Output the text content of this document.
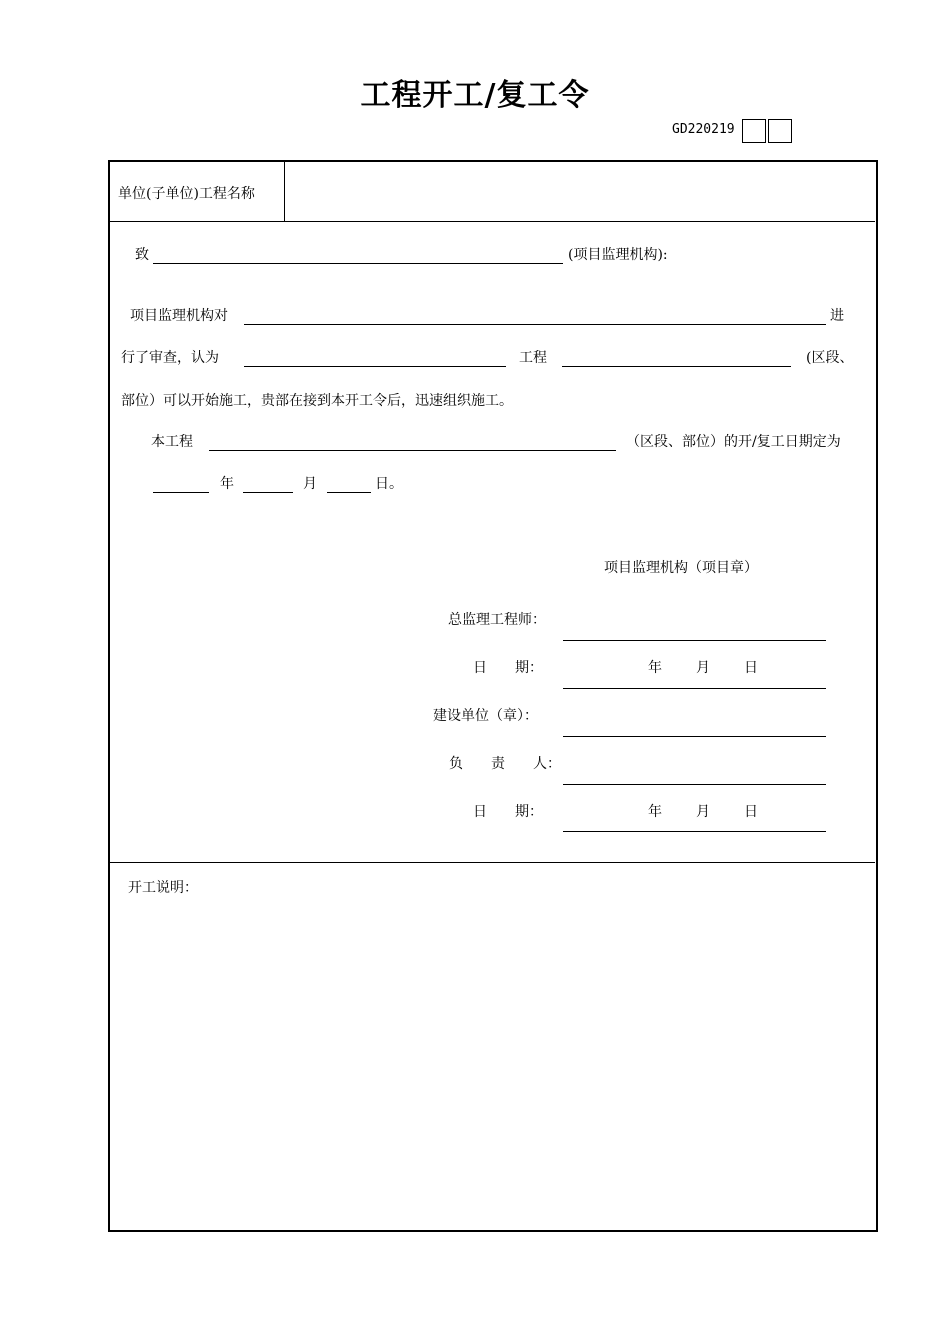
工程开工/复工令
GD220219
单位(子单位)工程名称
致	(项目监理机构):
项目监理机构对	进
行了审查，认为	工程	(区段、
部位）可以开始施工，贵部在接到本开工令后，迅速组织施工。
本工程	（区段、部位）的开/复工日期定为
年	月	日。
项目监理机构（项目章）
总监理工程师：
日　　期：	年 月 日
建设单位（章）：
负　　责　　人：
日　　期：	年 月 日
开工说明：
